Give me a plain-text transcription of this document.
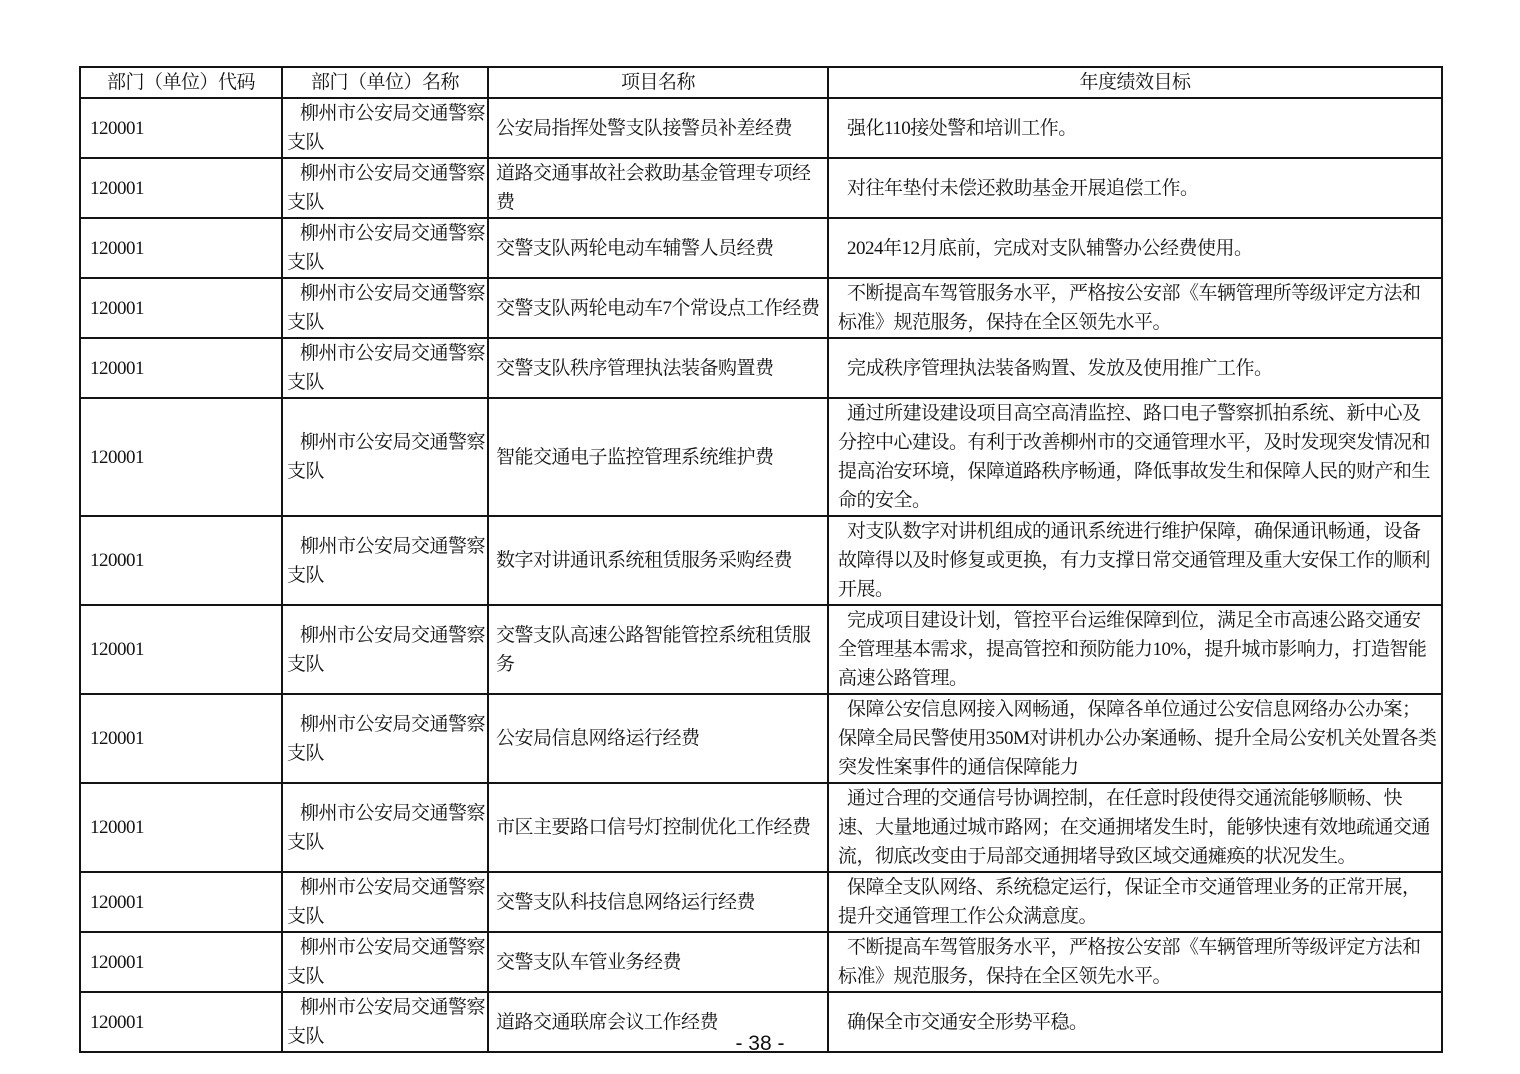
部门（单位）代码	部门（单位）名称	项目名称	年度绩效目标
120001	柳州市公安局交通警察支队	公安局指挥处警支队接警员补差经费	强化110接处警和培训工作。
120001	柳州市公安局交通警察支队	道路交通事故社会救助基金管理专项经费	对往年垫付未偿还救助基金开展追偿工作。
120001	柳州市公安局交通警察支队	交警支队两轮电动车辅警人员经费	2024年12月底前，完成对支队辅警办公经费使用。
120001	柳州市公安局交通警察支队	交警支队两轮电动车7个常设点工作经费	不断提高车驾管服务水平，严格按公安部《车辆管理所等级评定方法和标准》规范服务，保持在全区领先水平。
120001	柳州市公安局交通警察支队	交警支队秩序管理执法装备购置费	完成秩序管理执法装备购置、发放及使用推广工作。
120001	柳州市公安局交通警察支队	智能交通电子监控管理系统维护费	通过所建设建设项目高空高清监控、路口电子警察抓拍系统、新中心及分控中心建设。有利于改善柳州市的交通管理水平，及时发现突发情况和提高治安环境，保障道路秩序畅通，降低事故发生和保障人民的财产和生命的安全。
120001	柳州市公安局交通警察支队	数字对讲通讯系统租赁服务采购经费	对支队数字对讲机组成的通讯系统进行维护保障，确保通讯畅通，设备故障得以及时修复或更换，有力支撑日常交通管理及重大安保工作的顺利开展。
120001	柳州市公安局交通警察支队	交警支队高速公路智能管控系统租赁服务	完成项目建设计划，管控平台运维保障到位，满足全市高速公路交通安全管理基本需求，提高管控和预防能力10%，提升城市影响力，打造智能高速公路管理。
120001	柳州市公安局交通警察支队	公安局信息网络运行经费	保障公安信息网接入网畅通，保障各单位通过公安信息网络办公办案；保障全局民警使用350M对讲机办公办案通畅、提升全局公安机关处置各类突发性案事件的通信保障能力
120001	柳州市公安局交通警察支队	市区主要路口信号灯控制优化工作经费	通过合理的交通信号协调控制，在任意时段使得交通流能够顺畅、快速、大量地通过城市路网；在交通拥堵发生时，能够快速有效地疏通交通流，彻底改变由于局部交通拥堵导致区域交通瘫痪的状况发生。
120001	柳州市公安局交通警察支队	交警支队科技信息网络运行经费	保障全支队网络、系统稳定运行，保证全市交通管理业务的正常开展，提升交通管理工作公众满意度。
120001	柳州市公安局交通警察支队	交警支队车管业务经费	不断提高车驾管服务水平，严格按公安部《车辆管理所等级评定方法和标准》规范服务，保持在全区领先水平。
120001	柳州市公安局交通警察支队	道路交通联席会议工作经费	确保全市交通安全形势平稳。
- 38 -
